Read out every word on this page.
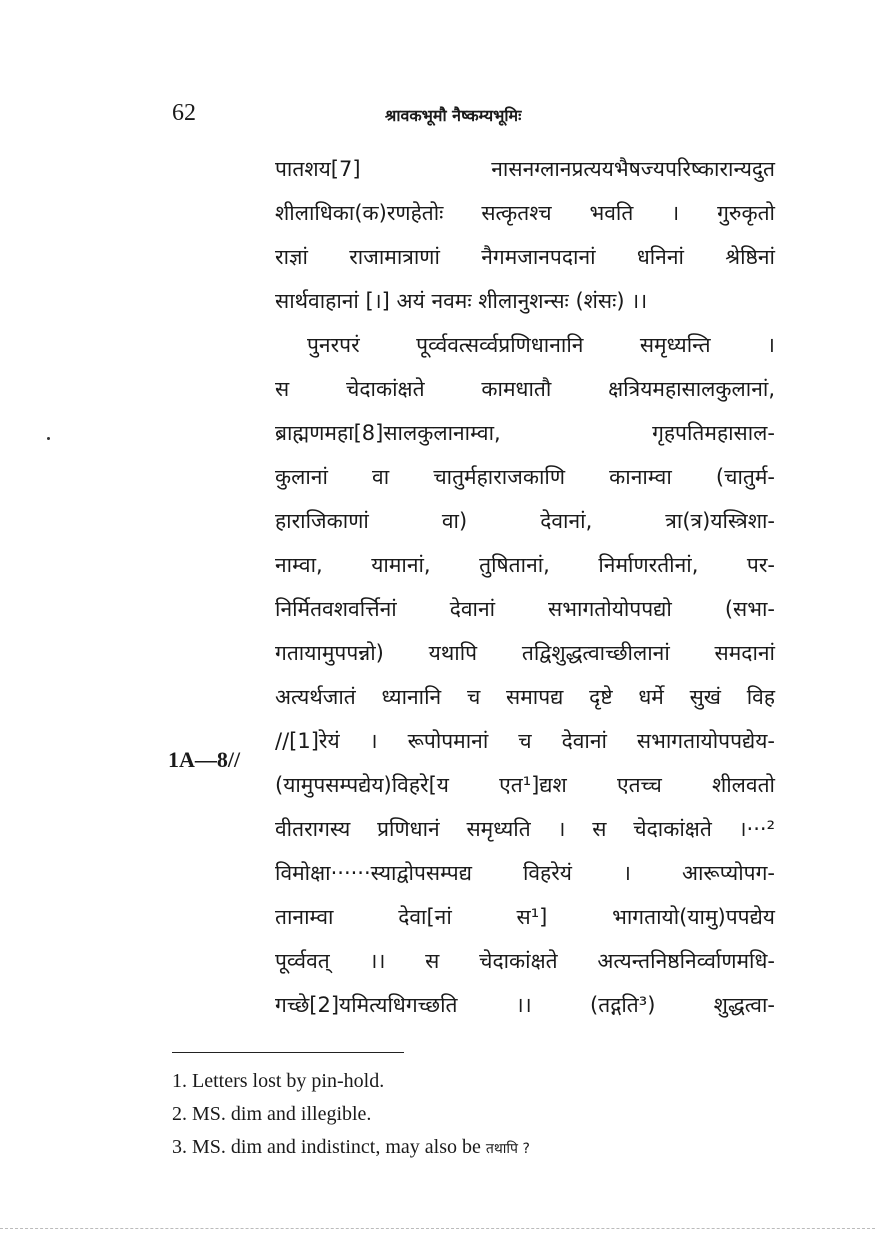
62	श्रावकभूमौ नैष्कम्यभूमिः
पातशय[7] नासनग्लानप्रत्ययभैषज्यपरिष्कारान्यदुत
शीलाधिका(क)रणहेतोः सत्कृतश्च भवति । गुरुकृतो
राज्ञां राजामात्राणां नैगमजानपदानां धनिनां श्रेष्ठिनां
सार्थवाहानां [।] अयं नवमः शीलानुशन्सः (शंसः) ।।
पुनरपरं पूर्व्ववत्सर्व्वप्रणिधानानि समृध्यन्ति ।
स चेदाकांक्षते कामधातौ क्षत्रियमहासालकुलानां,
ब्राह्मणमहा[8]सालकुलानाम्वा, गृहपतिमहासाल-
कुलानां वा चातुर्महाराजकाणि कानाम्वा (चातुर्म-
हाराजिकाणां वा) देवानां, त्रा(त्र)यस्त्रिशा-
नाम्वा, यामानां, तुषितानां, निर्माणरतीनां, पर-
निर्मितवशवर्त्तिनां देवानां सभागतोयोपपद्यो (सभा-
गतायामुपपन्नो) यथापि तद्विशुद्धत्वाच्छीलानां समदानां
अत्यर्थजातं ध्यानानि च समापद्य दृष्टे धर्मे सुखं विह
1A—8//
//[1]रेयं । रूपोपमानां च देवानां सभागतायोपपद्येय-
(यामुपसम्पद्येय)विहरे[य एत¹]द्यश एतच्च शीलवतो
वीतरागस्य प्रणिधानं समृध्यति । स चेदाकांक्षते ।···²
विमोक्षा······स्याद्वोपसम्पद्य विहरेयं । आरूप्योपग-
तानाम्वा देवा[नां स¹] भागतायो(यामु)पपद्येय
पूर्व्ववत् ।। स चेदाकांक्षते अत्यन्तनिष्ठनिर्व्वाणमधि-
गच्छे[2]यमित्यधिगच्छति ।। (तद्गति³) शुद्धत्वा-
1. Letters lost by pin-hold.
2. MS. dim and illegible.
3. MS. dim and indistinct, may also be तथापि ?
